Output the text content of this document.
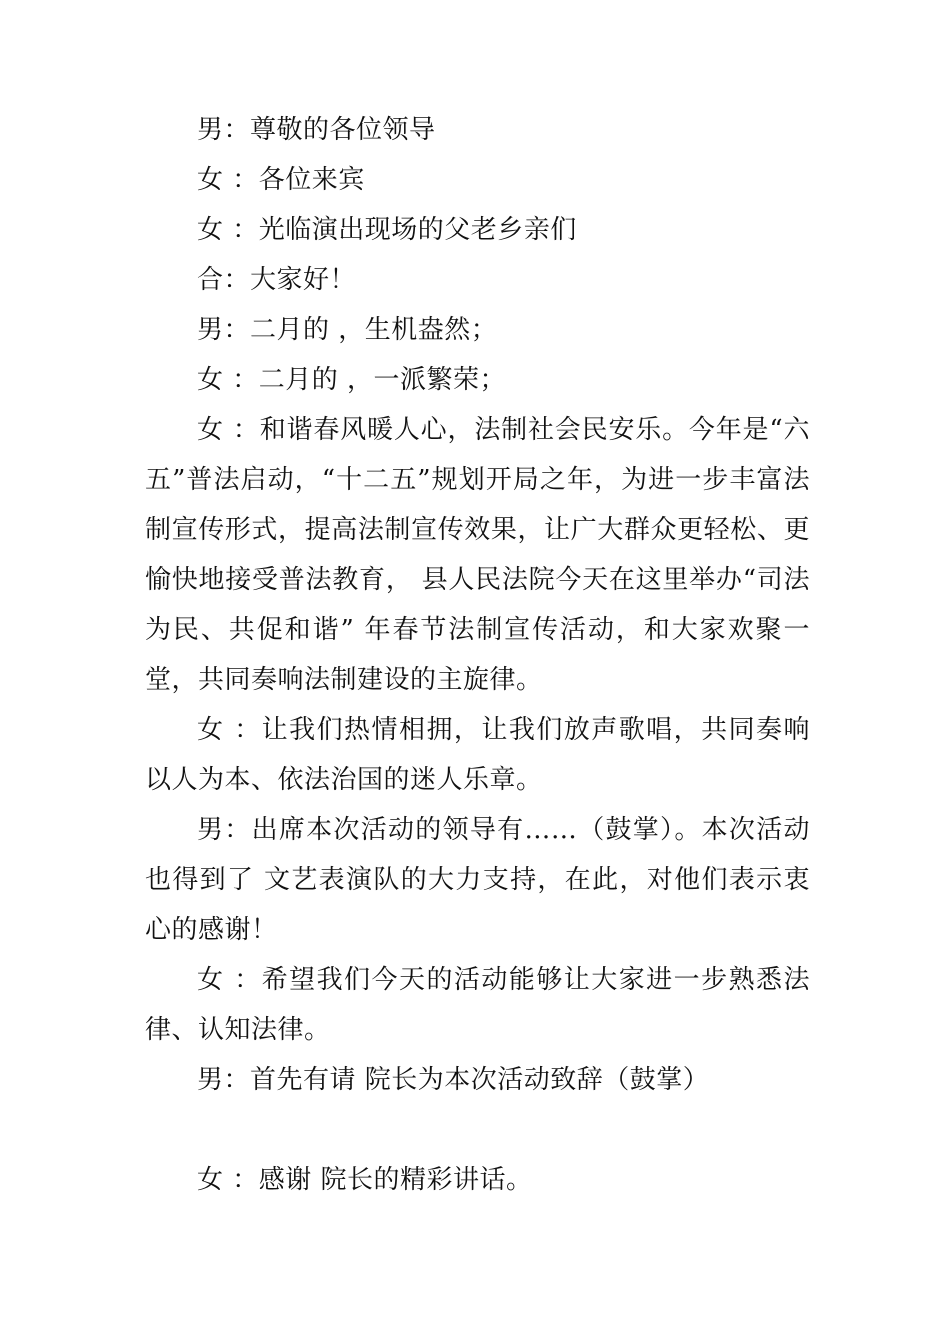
男：尊敬的各位领导

女 ：各位来宾

女 ：光临演出现场的父老乡亲们

合：大家好！

男：二月的 ，生机盎然；

女 ：二月的 ，一派繁荣；

女 ：和谐春风暖人心，法制社会民安乐。今年是“六五”普法启动，“十二五”规划开局之年，为进一步丰富法制宣传形式，提高法制宣传效果，让广大群众更轻松、更愉快地接受普法教育， 县人民法院今天在这里举办“司法为民、共促和谐” 年春节法制宣传活动，和大家欢聚一堂，共同奏响法制建设的主旋律。

女 ：让我们热情相拥，让我们放声歌唱，共同奏响以人为本、依法治国的迷人乐章。

男：出席本次活动的领导有……（鼓掌）。本次活动也得到了 文艺表演队的大力支持，在此，对他们表示衷心的感谢！

女 ：希望我们今天的活动能够让大家进一步熟悉法律、认知法律。

男：首先有请 院长为本次活动致辞（鼓掌）

女 ：感谢 院长的精彩讲话。
